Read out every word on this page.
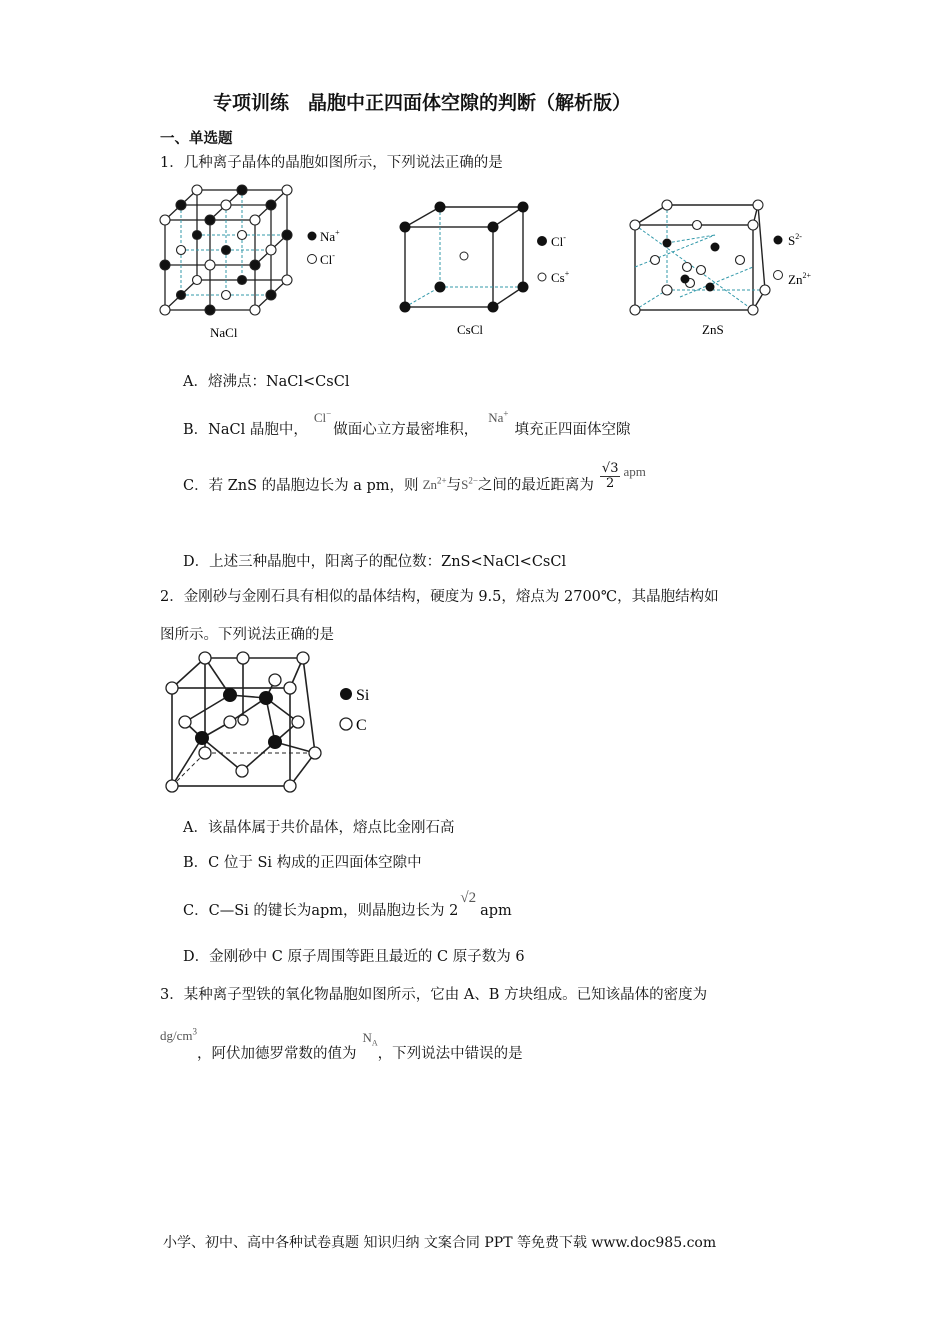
专项训练　晶胞中正四面体空隙的判断（解析版）
一、单选题
1．几种离子晶体的晶胞如图所示，下列说法正确的是
Na+
Cl-
NaCl
Cl-
Cs+
CsCl
$S^{2-}$
$Zn^{2+}$
ZnS
A．熔沸点：NaCl<CsCl
B．NaCl 晶胞中，Cl−做面心立方最密堆积，Na+填充正四面体空隙
C．若 ZnS 的晶胞边长为 a pm，则 $Zn^{2+}$与$S^{2-}$之间的最近距离为 $\frac{√3}{2}$ apm
D．上述三种晶胞中，阳离子的配位数：ZnS<NaCl<CsCl
2．金刚砂与金刚石具有相似的晶体结构，硬度为 9.5，熔点为 2700℃，其晶胞结构如
图所示。下列说法正确的是
Si
C
A．该晶体属于共价晶体，熔点比金刚石高
B．C 位于 Si 构成的正四面体空隙中
C．C—Si 的键长为apm，则晶胞边长为 2√2apm
D．金刚砂中 C 原子周围等距且最近的 C 原子数为 6
3．某种离子型铁的氧化物晶胞如图所示，它由 A、B 方块组成。已知该晶体的密度为
$dg/cm^3$，阿伏加德罗常数的值为$N_A$，下列说法中错误的是
小学、初中、高中各种试卷真题 知识归纳 文案合同 PPT 等免费下载 www.doc985.com
